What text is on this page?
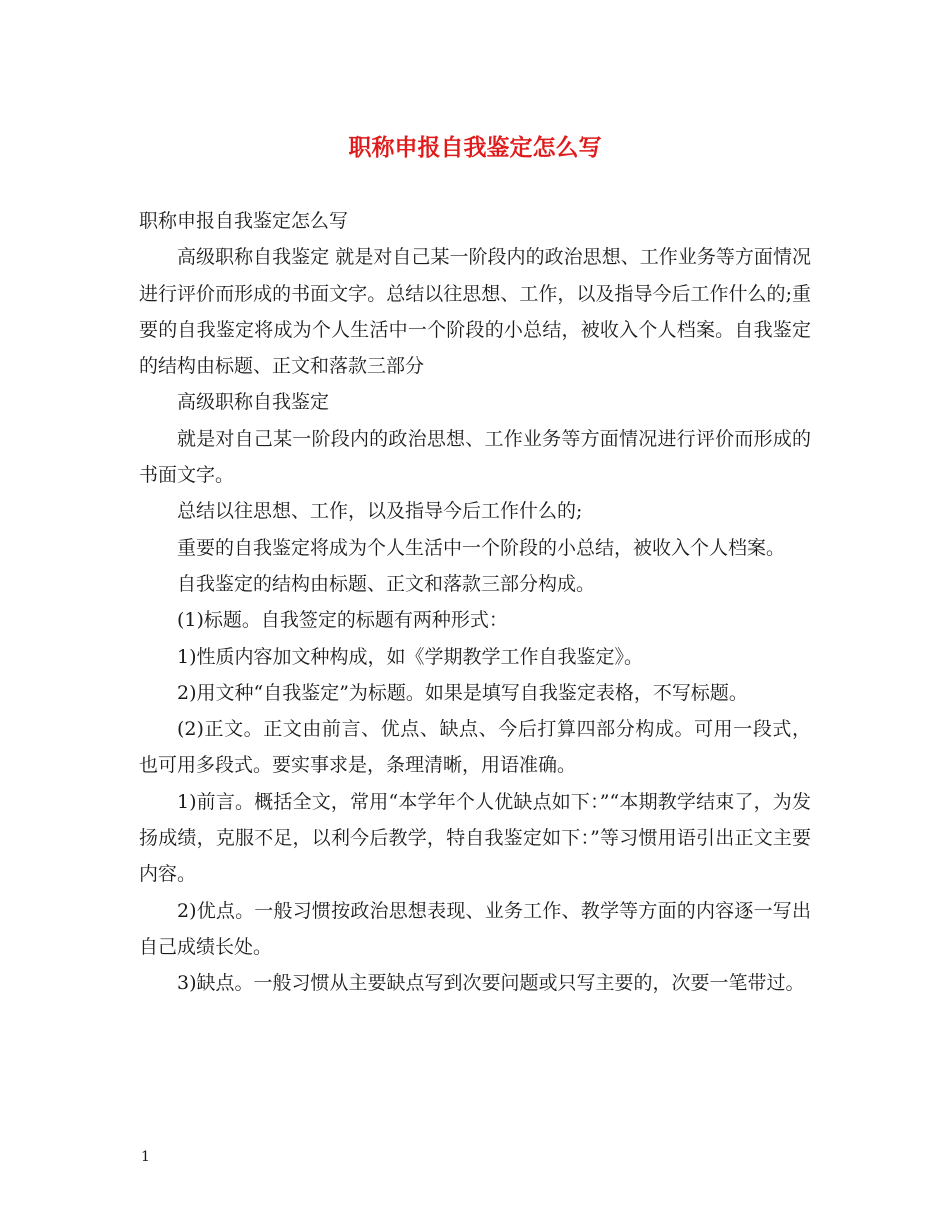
职称申报自我鉴定怎么写

职称申报自我鉴定怎么写

高级职称自我鉴定 就是对自己某一阶段内的政治思想、工作业务等方面情况进行评价而形成的书面文字。总结以往思想、工作，以及指导今后工作什么的;重要的自我鉴定将成为个人生活中一个阶段的小总结，被收入个人档案。自我鉴定的结构由标题、正文和落款三部分

高级职称自我鉴定

就是对自己某一阶段内的政治思想、工作业务等方面情况进行评价而形成的书面文字。

总结以往思想、工作，以及指导今后工作什么的;

重要的自我鉴定将成为个人生活中一个阶段的小总结，被收入个人档案。

自我鉴定的结构由标题、正文和落款三部分构成。

(1)标题。自我签定的标题有两种形式：

1)性质内容加文种构成，如《学期教学工作自我鉴定》。

2)用文种“自我鉴定”为标题。如果是填写自我鉴定表格，不写标题。

(2)正文。正文由前言、优点、缺点、今后打算四部分构成。可用一段式，也可用多段式。要实事求是，条理清晰，用语准确。

1)前言。概括全文，常用“本学年个人优缺点如下：”“本期教学结束了，为发扬成绩，克服不足，以利今后教学，特自我鉴定如下：”等习惯用语引出正文主要内容。

2)优点。一般习惯按政治思想表现、业务工作、教学等方面的内容逐一写出自己成绩长处。

3)缺点。一般习惯从主要缺点写到次要问题或只写主要的，次要一笔带过。

1
